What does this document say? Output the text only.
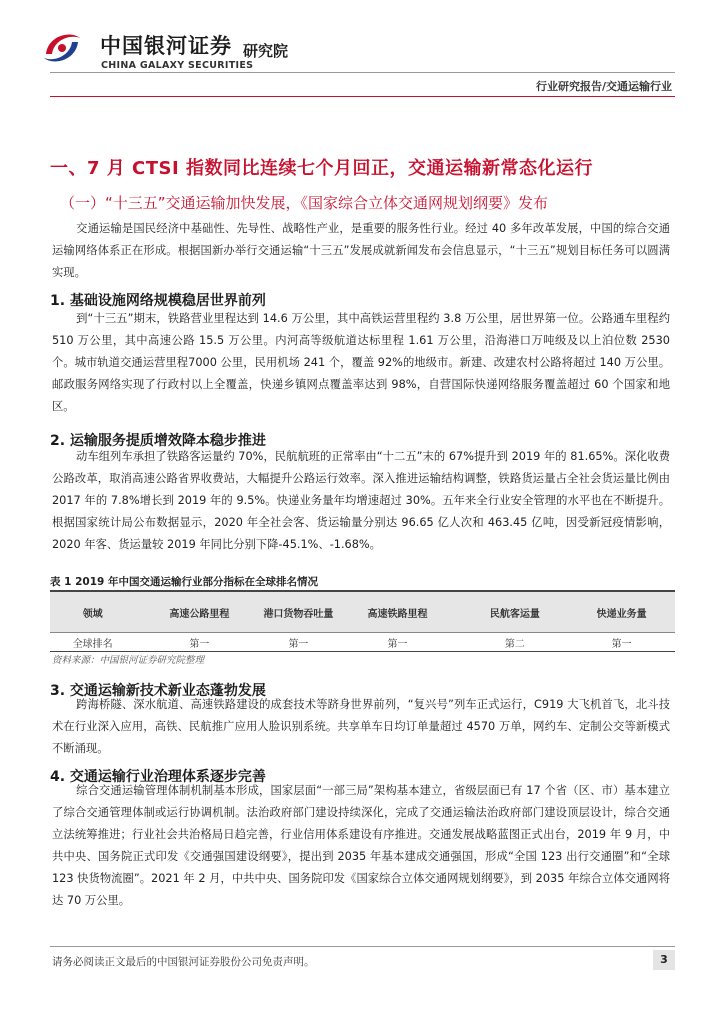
中国银河证券
CHINA GALAXY SECURITIES
研究院
行业研究报告/交通运输行业
一、7 月 CTSI 指数同比连续七个月回正，交通运输新常态化运行
（一）“十三五”交通运输加快发展，《国家综合立体交通网规划纲要》发布
交通运输是国民经济中基础性、先导性、战略性产业，是重要的服务性行业。经过 40 多年改革发展，中国的综合交通运输网络体系正在形成。根据国新办举行交通运输“十三五”发展成就新闻发布会信息显示，“十三五”规划目标任务可以圆满实现。
1. 基础设施网络规模稳居世界前列
到“十三五”期末，铁路营业里程达到 14.6 万公里，其中高铁运营里程约 3.8 万公里，居世界第一位。公路通车里程约510 万公里，其中高速公路 15.5 万公里。内河高等级航道达标里程 1.61 万公里，沿海港口万吨级及以上泊位数 2530 个。城市轨道交通运营里程7000 公里，民用机场 241 个，覆盖 92%的地级市。新建、改建农村公路将超过 140 万公里。邮政服务网络实现了行政村以上全覆盖，快递乡镇网点覆盖率达到 98%，自营国际快递网络服务覆盖超过 60 个国家和地区。
2. 运输服务提质增效降本稳步推进
动车组列车承担了铁路客运量约 70%，民航航班的正常率由“十二五”末的 67%提升到 2019 年的 81.65%。深化收费公路改革，取消高速公路省界收费站，大幅提升公路运行效率。深入推进运输结构调整，铁路货运量占全社会货运量比例由 2017 年的 7.8%增长到 2019 年的 9.5%。快递业务量年均增速超过 30%。五年来全行业安全管理的水平也在不断提升。根据国家统计局公布数据显示，2020 年全社会客、货运输量分别达 96.65 亿人次和 463.45 亿吨，因受新冠疫情影响，2020 年客、货运量较 2019 年同比分别下降-45.1%、-1.68%。
表 1 2019 年中国交通运输行业部分指标在全球排名情况
领域	高速公路里程	港口货物吞吐量	高速铁路里程	民航客运量	快递业务量
全球排名	第一	第一	第一	第二	第一
资料来源：中国银河证券研究院整理
3. 交通运输新技术新业态蓬勃发展
跨海桥隧、深水航道、高速铁路建设的成套技术等跻身世界前列，“复兴号”列车正式运行，C919 大飞机首飞，北斗技术在行业深入应用，高铁、民航推广应用人脸识别系统。共享单车日均订单量超过 4570 万单，网约车、定制公交等新模式不断涌现。
4. 交通运输行业治理体系逐步完善
综合交通运输管理体制机制基本形成，国家层面“一部三局”架构基本建立，省级层面已有 17 个省（区、市）基本建立了综合交通管理体制或运行协调机制。法治政府部门建设持续深化，完成了交通运输法治政府部门建设顶层设计，综合交通立法统筹推进；行业社会共治格局日趋完善，行业信用体系建设有序推进。交通发展战略蓝图正式出台，2019 年 9 月，中共中央、国务院正式印发《交通强国建设纲要》，提出到 2035 年基本建成交通强国，形成“全国 123 出行交通圈”和“全球 123 快货物流圈”。2021 年 2 月，中共中央、国务院印发《国家综合立体交通网规划纲要》，到 2035 年综合立体交通网将达 70 万公里。
请务必阅读正文最后的中国银河证券股份公司免责声明。	3
